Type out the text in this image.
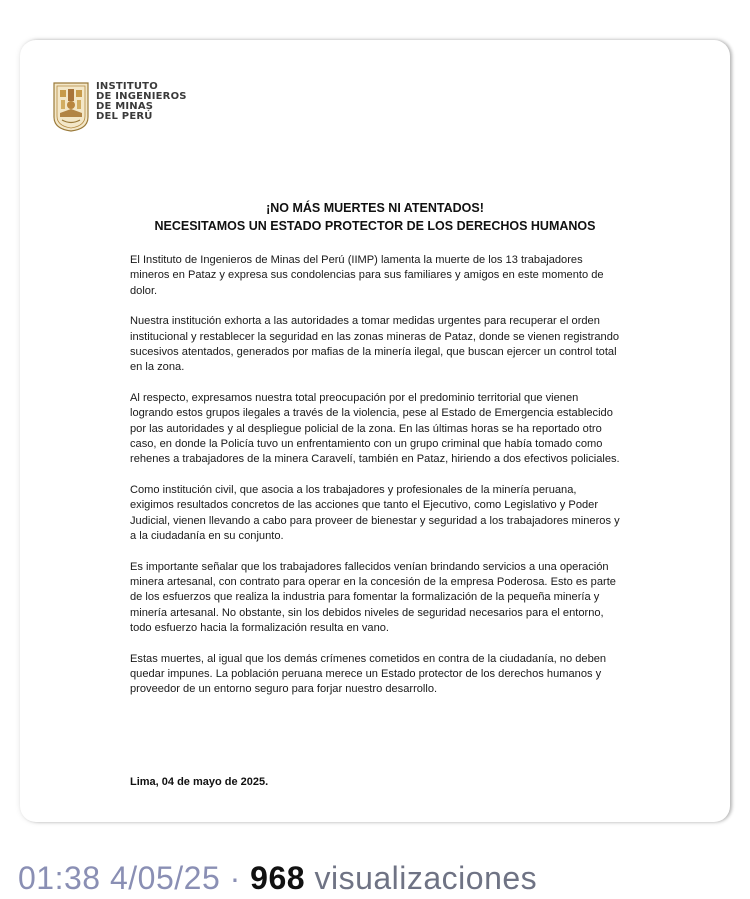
INSTITUTO
DE INGENIEROS
DE MINAS
DEL PERÚ
¡NO MÁS MUERTES NI ATENTADOS!
NECESITAMOS UN ESTADO PROTECTOR DE LOS DERECHOS HUMANOS

El Instituto de Ingenieros de Minas del Perú (IIMP) lamenta la muerte de los 13 trabajadores mineros en Pataz y expresa sus condolencias para sus familiares y amigos en este momento de dolor.

Nuestra institución exhorta a las autoridades a tomar medidas urgentes para recuperar el orden institucional y restablecer la seguridad en las zonas mineras de Pataz, donde se vienen registrando sucesivos atentados, generados por mafias de la minería ilegal, que buscan ejercer un control total en la zona.

Al respecto, expresamos nuestra total preocupación por el predominio territorial que vienen logrando estos grupos ilegales a través de la violencia, pese al Estado de Emergencia establecido por las autoridades y al despliegue policial de la zona. En las últimas horas se ha reportado otro caso, en donde la Policía tuvo un enfrentamiento con un grupo criminal que había tomado como rehenes a trabajadores de la minera Caravelí, también en Pataz, hiriendo a dos efectivos policiales.

Como institución civil, que asocia a los trabajadores y profesionales de la minería peruana, exigimos resultados concretos de las acciones que tanto el Ejecutivo, como Legislativo y Poder Judicial, vienen llevando a cabo para proveer de bienestar y seguridad a los trabajadores mineros y a la ciudadanía en su conjunto.

Es importante señalar que los trabajadores fallecidos venían brindando servicios a una operación minera artesanal, con contrato para operar en la concesión de la empresa Poderosa. Esto es parte de los esfuerzos que realiza la industria para fomentar la formalización de la pequeña minería y minería artesanal. No obstante, sin los debidos niveles de seguridad necesarios para el entorno, todo esfuerzo hacia la formalización resulta en vano.

Estas muertes, al igual que los demás crímenes cometidos en contra de la ciudadanía, no deben quedar impunes. La población peruana merece un Estado protector de los derechos humanos y proveedor de un entorno seguro para forjar nuestro desarrollo.

Lima, 04 de mayo de 2025.
01:38 4/05/25 · 968 visualizaciones
